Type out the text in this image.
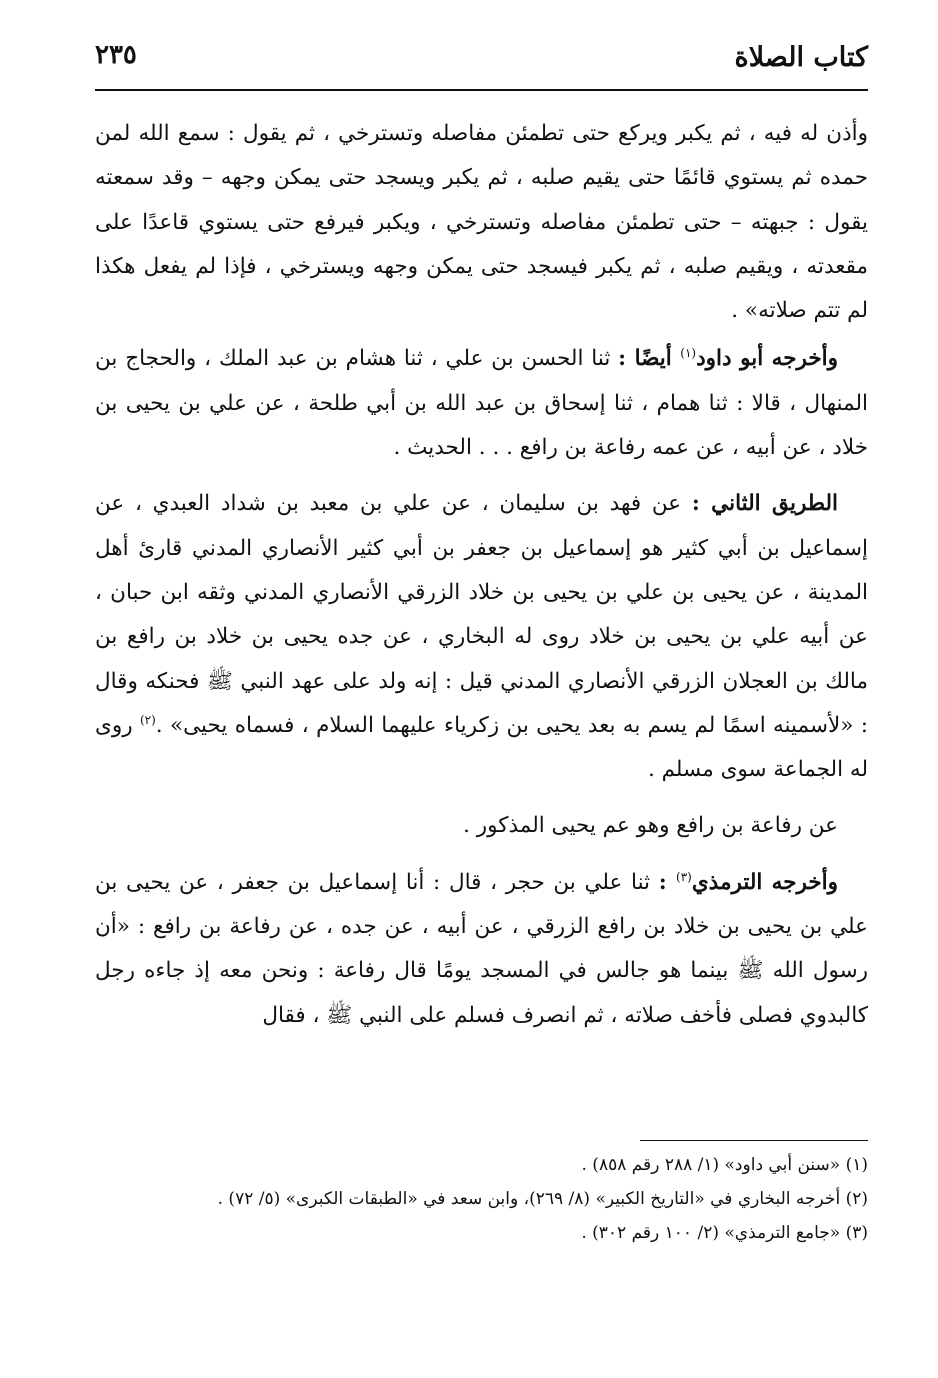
كتاب الصلاة
٢٣٥

وأذن له فيه ، ثم يكبر ويركع حتى تطمئن مفاصله وتسترخي ، ثم يقول : سمع الله لمن حمده ثم يستوي قائمًا حتى يقيم صلبه ، ثم يكبر ويسجد حتى يمكن وجهه – وقد سمعته يقول : جبهته – حتى تطمئن مفاصله وتسترخي ، ويكبر فيرفع حتى يستوي قاعدًا على مقعدته ، ويقيم صلبه ، ثم يكبر فيسجد حتى يمكن وجهه ويسترخي ، فإذا لم يفعل هكذا لم تتم صلاته» .

وأخرجه أبو داود$^{(١)}$ أيضًا : ثنا الحسن بن علي ، ثنا هشام بن عبد الملك ، والحجاج بن المنهال ، قالا : ثنا همام ، ثنا إسحاق بن عبد الله بن أبي طلحة ، عن علي بن يحيى بن خلاد ، عن أبيه ، عن عمه رفاعة بن رافع . . . الحديث .

الطريق الثاني : عن فهد بن سليمان ، عن علي بن معبد بن شداد العبدي ، عن إسماعيل بن أبي كثير هو إسماعيل بن جعفر بن أبي كثير الأنصاري المدني قارئ أهل المدينة ، عن يحيى بن علي بن يحيى بن خلاد الزرقي الأنصاري المدني وثقه ابن حبان ، عن أبيه علي بن يحيى بن خلاد روى له البخاري ، عن جده يحيى بن خلاد بن رافع بن مالك بن العجلان الزرقي الأنصاري المدني قيل : إنه ولد على عهد النبي ﷺ فحنكه وقال : «لأسمينه اسمًا لم يسم به بعد يحيى بن زكرياء عليهما السلام ، فسماه يحيى» .$^{(٢)}$ روى له الجماعة سوى مسلم .

عن رفاعة بن رافع وهو عم يحيى المذكور .

وأخرجه الترمذي$^{(٣)}$ : ثنا علي بن حجر ، قال : أنا إسماعيل بن جعفر ، عن يحيى بن علي بن يحيى بن خلاد بن رافع الزرقي ، عن أبيه ، عن جده ، عن رفاعة بن رافع : «أن رسول الله ﷺ بينما هو جالس في المسجد يومًا قال رفاعة : ونحن معه إذ جاءه رجل كالبدوي فصلى فأخف صلاته ، ثم انصرف فسلم على النبي ﷺ ، فقال

(١) «سنن أبي داود» (١/ ٢٨٨ رقم ٨٥٨) .

(٢) أخرجه البخاري في «التاريخ الكبير» (٨/ ٢٦٩)، وابن سعد في «الطبقات الكبرى» (٥/ ٧٢) .

(٣) «جامع الترمذي» (٢/ ١٠٠ رقم ٣٠٢) .
